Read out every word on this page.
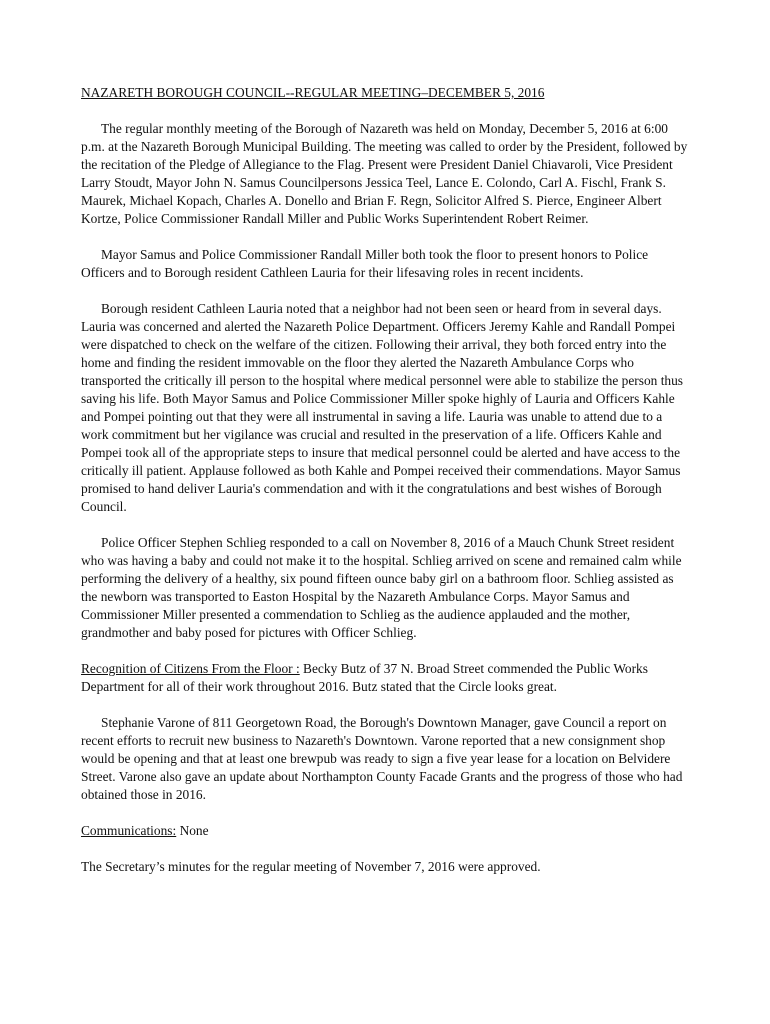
NAZARETH BOROUGH COUNCIL--REGULAR MEETING–DECEMBER 5, 2016

The regular monthly meeting of the Borough of Nazareth was held on Monday, December 5, 2016 at 6:00 p.m. at the Nazareth Borough Municipal Building. The meeting was called to order by the President, followed by the recitation of the Pledge of Allegiance to the Flag. Present were President Daniel Chiavaroli, Vice President Larry Stoudt, Mayor John N. Samus Councilpersons Jessica Teel, Lance E. Colondo, Carl A. Fischl, Frank S. Maurek, Michael Kopach, Charles A. Donello and Brian F. Regn, Solicitor Alfred S. Pierce, Engineer Albert Kortze, Police Commissioner Randall Miller and Public Works Superintendent Robert Reimer.

Mayor Samus and Police Commissioner Randall Miller both took the floor to present honors to Police Officers and to Borough resident Cathleen Lauria for their lifesaving roles in recent incidents.

Borough resident Cathleen Lauria noted that a neighbor had not been seen or heard from in several days. Lauria was concerned and alerted the Nazareth Police Department. Officers Jeremy Kahle and Randall Pompei were dispatched to check on the welfare of the citizen. Following their arrival, they both forced entry into the home and finding the resident immovable on the floor they alerted the Nazareth Ambulance Corps who transported the critically ill person to the hospital where medical personnel were able to stabilize the person thus saving his life. Both Mayor Samus and Police Commissioner Miller spoke highly of Lauria and Officers Kahle and Pompei pointing out that they were all instrumental in saving a life. Lauria was unable to attend due to a work commitment but her vigilance was crucial and resulted in the preservation of a life. Officers Kahle and Pompei took all of the appropriate steps to insure that medical personnel could be alerted and have access to the critically ill patient. Applause followed as both Kahle and Pompei received their commendations. Mayor Samus promised to hand deliver Lauria's commendation and with it the congratulations and best wishes of Borough Council.

Police Officer Stephen Schlieg responded to a call on November 8, 2016 of a Mauch Chunk Street resident who was having a baby and could not make it to the hospital. Schlieg arrived on scene and remained calm while performing the delivery of a healthy, six pound fifteen ounce baby girl on a bathroom floor. Schlieg assisted as the newborn was transported to Easton Hospital by the Nazareth Ambulance Corps. Mayor Samus and Commissioner Miller presented a commendation to Schlieg as the audience applauded and the mother, grandmother and baby posed for pictures with Officer Schlieg.

Recognition of Citizens From the Floor : Becky Butz of 37 N. Broad Street commended the Public Works Department for all of their work throughout 2016. Butz stated that the Circle looks great.

Stephanie Varone of 811 Georgetown Road, the Borough's Downtown Manager, gave Council a report on recent efforts to recruit new business to Nazareth's Downtown. Varone reported that a new consignment shop would be opening and that at least one brewpub was ready to sign a five year lease for a location on Belvidere Street. Varone also gave an update about Northampton County Facade Grants and the progress of those who had obtained those in 2016.

Communications: None

The Secretary’s minutes for the regular meeting of November 7, 2016 were approved.
